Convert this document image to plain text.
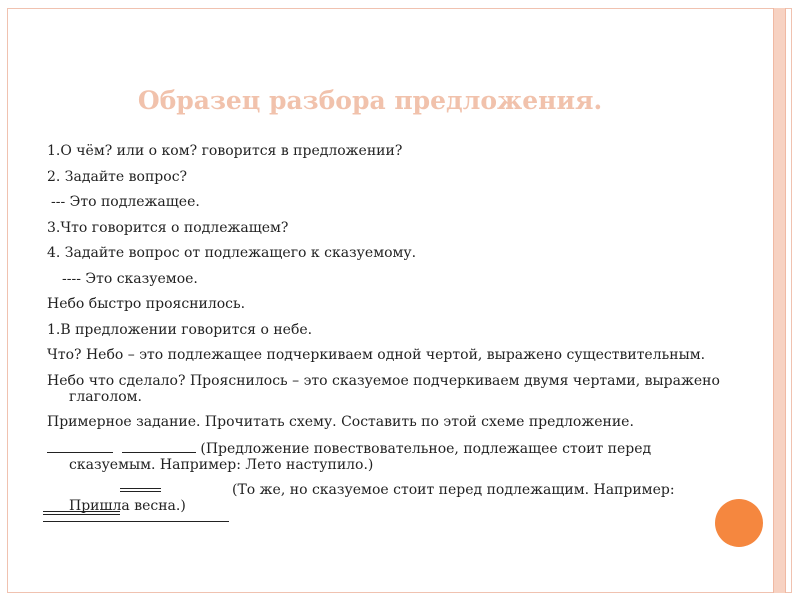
Образец разбора предложения.

1.О чём? или о ком? говорится в предложении?

2. Задайте вопрос?

--- Это подлежащее.

3.Что говорится о подлежащем?

4. Задайте вопрос от подлежащего к сказуемому.

---- Это сказуемое.

Небо быстро прояснилось.

1.В предложении говорится о небе.

Что? Небо – это подлежащее подчеркиваем одной чертой, выражено существительным.

Небо что сделало? Прояснилось – это сказуемое подчеркиваем двумя чертами, выражено глаголом.

Примерное задание. Прочитать схему. Составить по этой схеме предложение.

(Предложение повествовательное, подлежащее стоит перед сказуемым. Например: Лето наступило.)

(То же, но сказуемое стоит перед подлежащим. Например: Пришла весна.)
